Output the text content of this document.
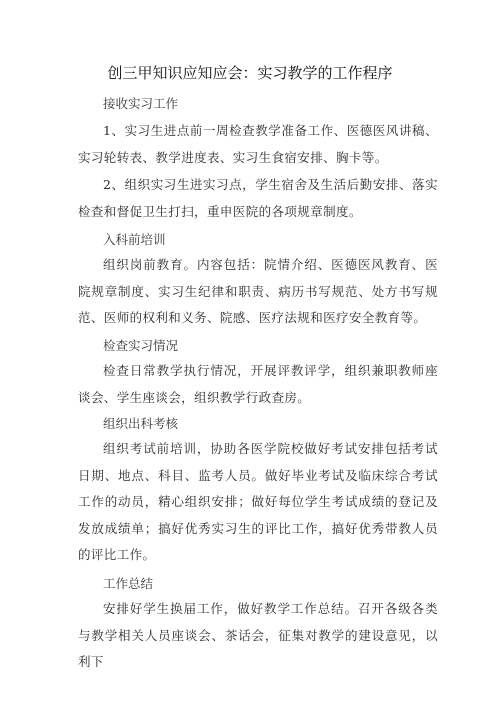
创三甲知识应知应会：实习教学的工作程序
接收实习工作

1、实习生进点前一周检查教学准备工作、医德医风讲稿、实习轮转表、教学进度表、实习生食宿安排、胸卡等。

2、组织实习生进实习点，学生宿舍及生活后勤安排、落实检查和督促卫生打扫，重申医院的各项规章制度。

入科前培训

组织岗前教育。内容包括：院情介绍、医德医风教育、医院规章制度、实习生纪律和职责、病历书写规范、处方书写规范、医师的权利和义务、院感、医疗法规和医疗安全教育等。

检查实习情况

检查日常教学执行情况，开展评教评学，组织兼职教师座谈会、学生座谈会，组织教学行政查房。

组织出科考核

组织考试前培训，协助各医学院校做好考试安排包括考试日期、地点、科目、监考人员。做好毕业考试及临床综合考试工作的动员，精心组织安排；做好每位学生考试成绩的登记及发放成绩单；搞好优秀实习生的评比工作，搞好优秀带教人员的评比工作。

工作总结

安排好学生换届工作，做好教学工作总结。召开各级各类与教学相关人员座谈会、茶话会，征集对教学的建设意见，以利下
